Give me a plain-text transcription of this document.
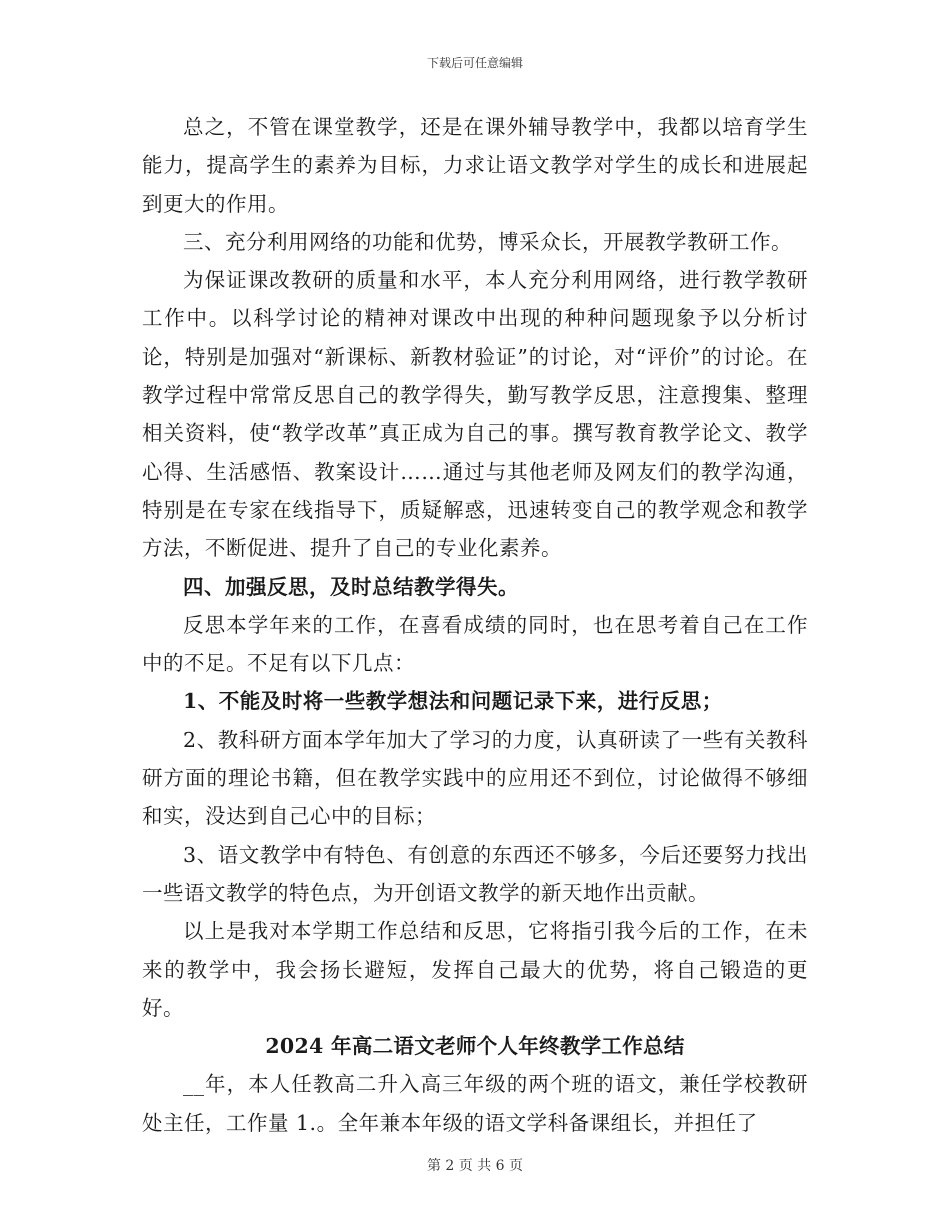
下载后可任意编辑

总之，不管在课堂教学，还是在课外辅导教学中，我都以培育学生能力，提高学生的素养为目标，力求让语文教学对学生的成长和进展起到更大的作用。

三、充分利用网络的功能和优势，博采众长，开展教学教研工作。

为保证课改教研的质量和水平，本人充分利用网络，进行教学教研工作中。以科学讨论的精神对课改中出现的种种问题现象予以分析讨论，特别是加强对“新课标、新教材验证”的讨论，对“评价”的讨论。在教学过程中常常反思自己的教学得失，勤写教学反思，注意搜集、整理相关资料，使“教学改革”真正成为自己的事。撰写教育教学论文、教学心得、生活感悟、教案设计……通过与其他老师及网友们的教学沟通，特别是在专家在线指导下，质疑解惑，迅速转变自己的教学观念和教学方法，不断促进、提升了自己的专业化素养。

四、加强反思，及时总结教学得失。

反思本学年来的工作，在喜看成绩的同时，也在思考着自己在工作中的不足。不足有以下几点：

1、不能及时将一些教学想法和问题记录下来，进行反思；

2、教科研方面本学年加大了学习的力度，认真研读了一些有关教科研方面的理论书籍，但在教学实践中的应用还不到位，讨论做得不够细和实，没达到自己心中的目标；

3、语文教学中有特色、有创意的东西还不够多，今后还要努力找出一些语文教学的特色点，为开创语文教学的新天地作出贡献。

以上是我对本学期工作总结和反思，它将指引我今后的工作，在未来的教学中，我会扬长避短，发挥自己最大的优势，将自己锻造的更好。

2024 年高二语文老师个人年终教学工作总结

__年，本人任教高二升入高三年级的两个班的语文，兼任学校教研处主任，工作量 1.。全年兼本年级的语文学科备课组长，并担任了

第 2 页 共 6 页
